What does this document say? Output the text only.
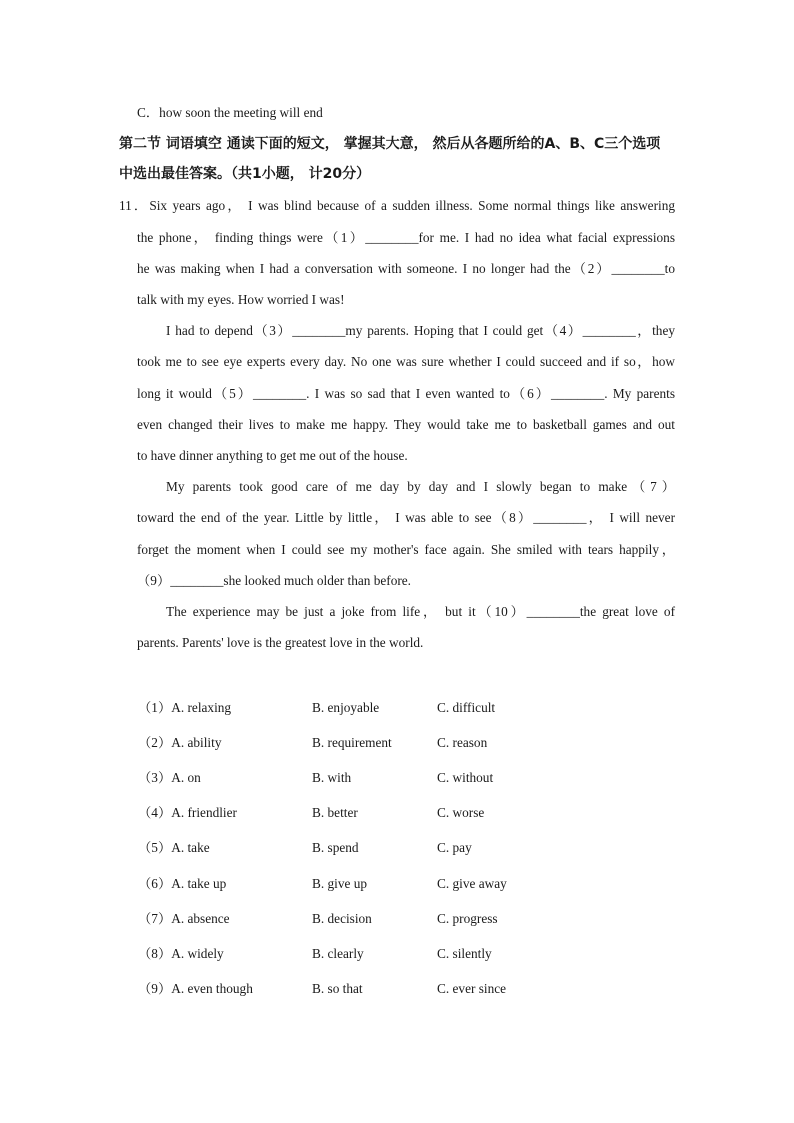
C．how soon the meeting will end
第二节 词语填空 通读下面的短文， 掌握其大意， 然后从各题所给的A、B、C三个选项
中选出最佳答案。（共1小题， 计20分）
11．Six years ago， I was blind because of a sudden illness. Some normal things like answering
the phone， finding things were（1）________for me. I had no idea what facial expressions
he was making when I had a conversation with someone. I no longer had the（2）________to
talk with my eyes. How worried I was!
I had to depend（3）________my parents. Hoping that I could get（4）________，they
took me to see eye experts every day. No one was sure whether I could succeed and if so，how
long it would（5）________. I was so sad that I even wanted to（6）________. My parents
even changed their lives to make me happy. They would take me to basketball games and out
to have dinner anything to get me out of the house.
My parents took good care of me day by day and I slowly began to make（7）
toward the end of the year. Little by little， I was able to see（8）________， I will never
forget the moment when I could see my mother's face again. She smiled with tears happily，
（9）________she looked much older than before.
The experience may be just a joke from life， but it（10）________the great love of
parents. Parents' love is the greatest love in the world.
（1）A. relaxing	B. enjoyable	C. difficult
（2）A. ability	B. requirement	C. reason
（3）A. on	B. with	C. without
（4）A. friendlier	B. better	C. worse
（5）A. take	B. spend	C. pay
（6）A. take up	B. give up	C. give away
（7）A. absence	B. decision	C. progress
（8）A. widely	B. clearly	C. silently
（9）A. even though	B. so that	C. ever since
